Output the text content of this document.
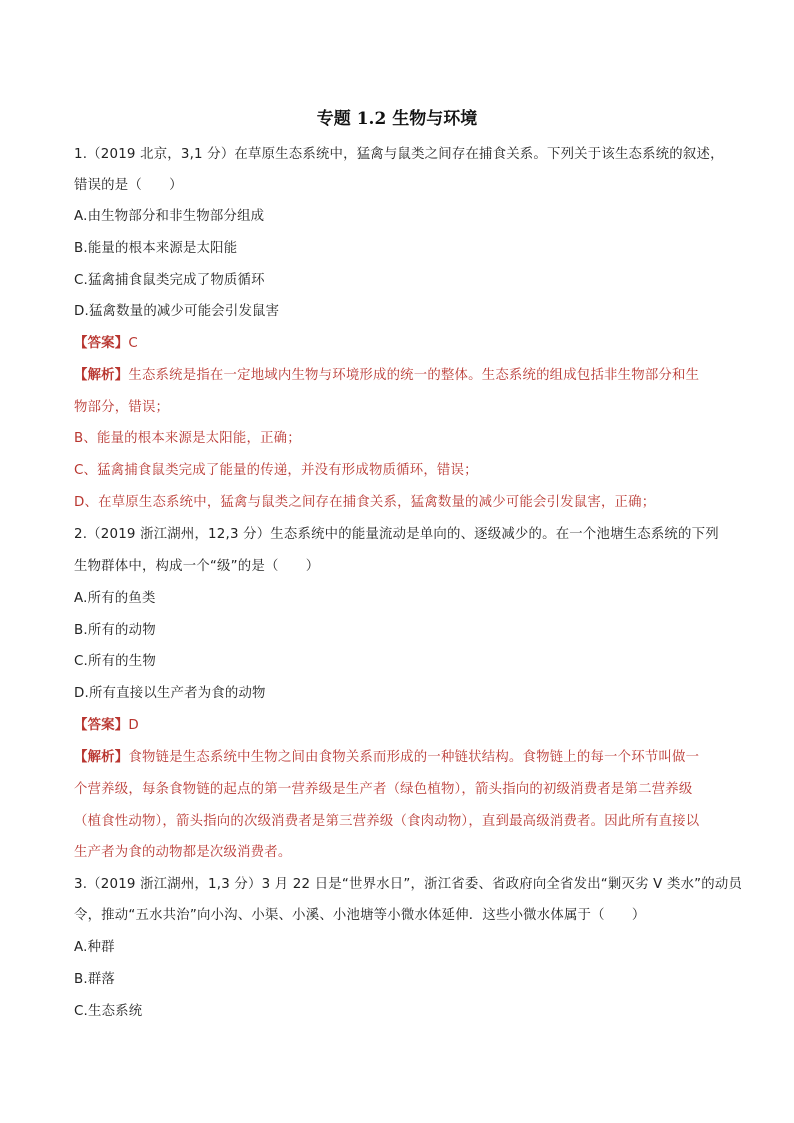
专题 1.2 生物与环境
1.（2019 北京，3,1 分）在草原生态系统中，猛禽与鼠类之间存在捕食关系。下列关于该生态系统的叙述，
错误的是（　　）
A.由生物部分和非生物部分组成
B.能量的根本来源是太阳能
C.猛禽捕食鼠类完成了物质循环
D.猛禽数量的减少可能会引发鼠害
【答案】C
【解析】生态系统是指在一定地域内生物与环境形成的统一的整体。生态系统的组成包括非生物部分和生
物部分，错误；
B、能量的根本来源是太阳能，正确；
C、猛禽捕食鼠类完成了能量的传递，并没有形成物质循环，错误；
D、在草原生态系统中，猛禽与鼠类之间存在捕食关系，猛禽数量的减少可能会引发鼠害，正确；
2.（2019 浙江湖州，12,3 分）生态系统中的能量流动是单向的、逐级减少的。在一个池塘生态系统的下列
生物群体中，构成一个“级”的是（　　）
A.所有的鱼类
B.所有的动物
C.所有的生物
D.所有直接以生产者为食的动物
【答案】D
【解析】食物链是生态系统中生物之间由食物关系而形成的一种链状结构。食物链上的每一个环节叫做一
个营养级，每条食物链的起点的第一营养级是生产者（绿色植物），箭头指向的初级消费者是第二营养级
（植食性动物），箭头指向的次级消费者是第三营养级（食肉动物），直到最高级消费者。因此所有直接以
生产者为食的动物都是次级消费者。
3.（2019 浙江湖州，1,3 分）3 月 22 日是“世界水日”，浙江省委、省政府向全省发出“剿灭劣 V 类水”的动员
令，推动“五水共治”向小沟、小渠、小溪、小池塘等小微水体延伸．这些小微水体属于（　　）
A.种群
B.群落
C.生态系统
